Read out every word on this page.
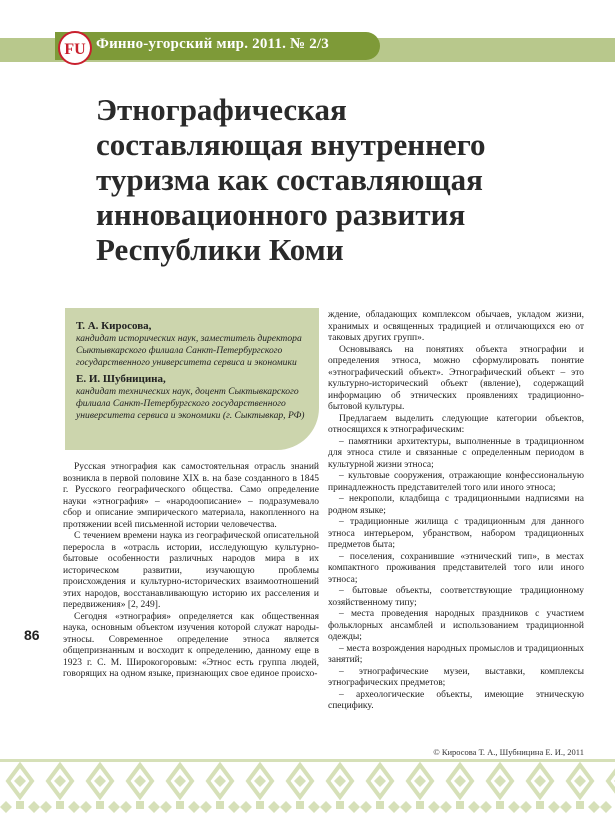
FU Финно-угорский мир. 2011. № 2/3
Этнографическая
составляющая внутреннего
туризма как составляющая
инновационного развития
Республики Коми

Т. А. Киросова,

кандидат исторических наук, заместитель директора Сыктывкарского филиала Санкт-Петербургского государственного университета сервиса и экономики

Е. И. Шубницина,

кандидат технических наук, доцент Сыктывкарского филиала Санкт-Петербургского государственного университета сервиса и экономики (г. Сыктывкар, РФ)

Русская этнография как самостоятельная отрасль знаний возникла в первой половине XIX в. на базе созданного в 1845 г. Русского географического общества. Само определение науки «этнография» – «народоописание» – подразумевало сбор и описание эмпирического материала, накопленного на протяжении всей письменной истории человечества.

С течением времени наука из географической описательной переросла в «отрасль истории, исследующую культурно-бытовые особенности различных народов мира в их историческом развитии, изучающую проблемы происхождения и культурно-исторических взаимоотношений этих народов, восстанавливающую историю их расселения и передвижения» [2, 249].

Сегодня «этнография» определяется как общественная наука, основным объектом изучения которой служат народы-этносы. Современное определение этноса является общепризнанным и восходит к определению, данному еще в 1923 г. С. М. Широкогоровым: «Этнос есть группа людей, говорящих на одном языке, признающих свое единое происхо-

ждение, обладающих комплексом обычаев, укладом жизни, хранимых и освященных традицией и отличающихся ею от таковых других групп».

Основываясь на понятиях объекта этнографии и определения этноса, можно сформулировать понятие «этнографический объект». Этнографический объект – это культурно-исторический объект (явление), содержащий информацию об этнических проявлениях традиционно-бытовой культуры.

Предлагаем выделить следующие категории объектов, относящихся к этнографическим:

– памятники архитектуры, выполненные в традиционном для этноса стиле и связанные с определенным периодом в культурной жизни этноса;

– культовые сооружения, отражающие конфессиональную принадлежность представителей того или иного этноса;

– некрополи, кладбища с традиционными надписями на родном языке;

– традиционные жилища с традиционным для данного этноса интерьером, убранством, набором традиционных предметов быта;

– поселения, сохранившие «этнический тип», в местах компактного проживания представителей того или иного этноса;

– бытовые объекты, соответствующие традиционному хозяйственному типу;

– места проведения народных праздников с участием фольклорных ансамблей и использованием традиционной одежды;

– места возрождения народных промыслов и традиционных занятий;

– этнографические музеи, выставки, комплексы этнографических предметов;

– археологические объекты, имеющие этническую специфику.

86
© Киросова Т. А., Шубницина Е. И., 2011
